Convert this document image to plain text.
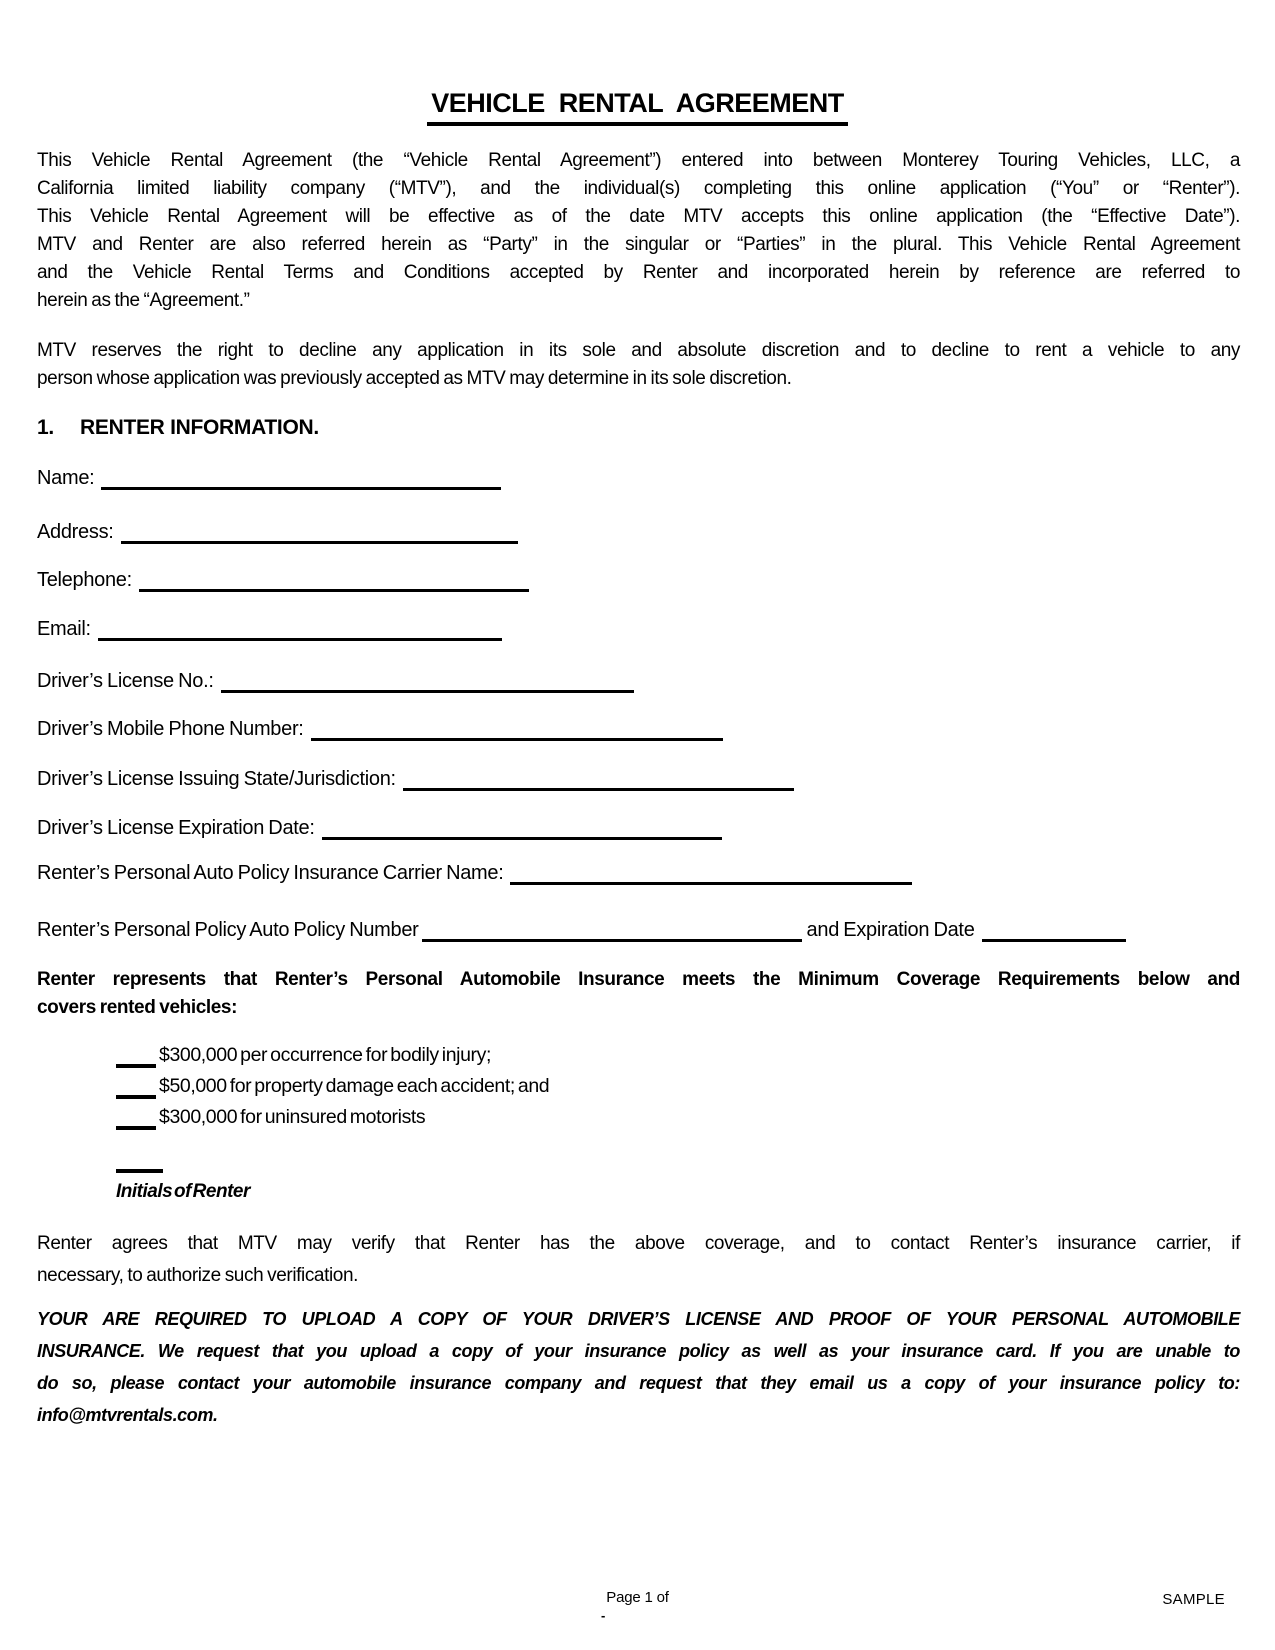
VEHICLE RENTAL AGREEMENT
This Vehicle Rental Agreement (the “Vehicle Rental Agreement”) entered into between Monterey Touring Vehicles, LLC, a
California limited liability company (“MTV”), and the individual(s) completing this online application (“You” or “Renter”).
This Vehicle Rental Agreement will be effective as of the date MTV accepts this online application (the “Effective Date”).
MTV and Renter are also referred herein as “Party” in the singular or “Parties” in the plural. This Vehicle Rental Agreement
and the Vehicle Rental Terms and Conditions accepted by Renter and incorporated herein by reference are referred to
herein as the “Agreement.”
MTV reserves the right to decline any application in its sole and absolute discretion and to decline to rent a vehicle to any
person whose application was previously accepted as MTV may determine in its sole discretion.
1. RENTER INFORMATION.
Name:
Address:
Telephone:
Email:
Driver’s License No.:
Driver’s Mobile Phone Number:
Driver’s License Issuing State/Jurisdiction:
Driver’s License Expiration Date:
Renter’s Personal Auto Policy Insurance Carrier Name:
Renter’s Personal Policy Auto Policy Number	and Expiration Date
Renter represents that Renter’s Personal Automobile Insurance meets the Minimum Coverage Requirements below and
covers rented vehicles:
$300,000 per occurrence for bodily injury;
$50,000 for property damage each accident; and
$300,000 for uninsured motorists
Initials of Renter
Renter agrees that MTV may verify that Renter has the above coverage, and to contact Renter’s insurance carrier, if
necessary, to authorize such verification.
YOUR ARE REQUIRED TO UPLOAD A COPY OF YOUR DRIVER’S LICENSE AND PROOF OF YOUR PERSONAL AUTOMOBILE
INSURANCE. We request that you upload a copy of your insurance policy as well as your insurance card. If you are unable to
do so, please contact your automobile insurance company and request that they email us a copy of your insurance policy to:
info@mtvrentals.com.
Page 1 of
-
SAMPLE
